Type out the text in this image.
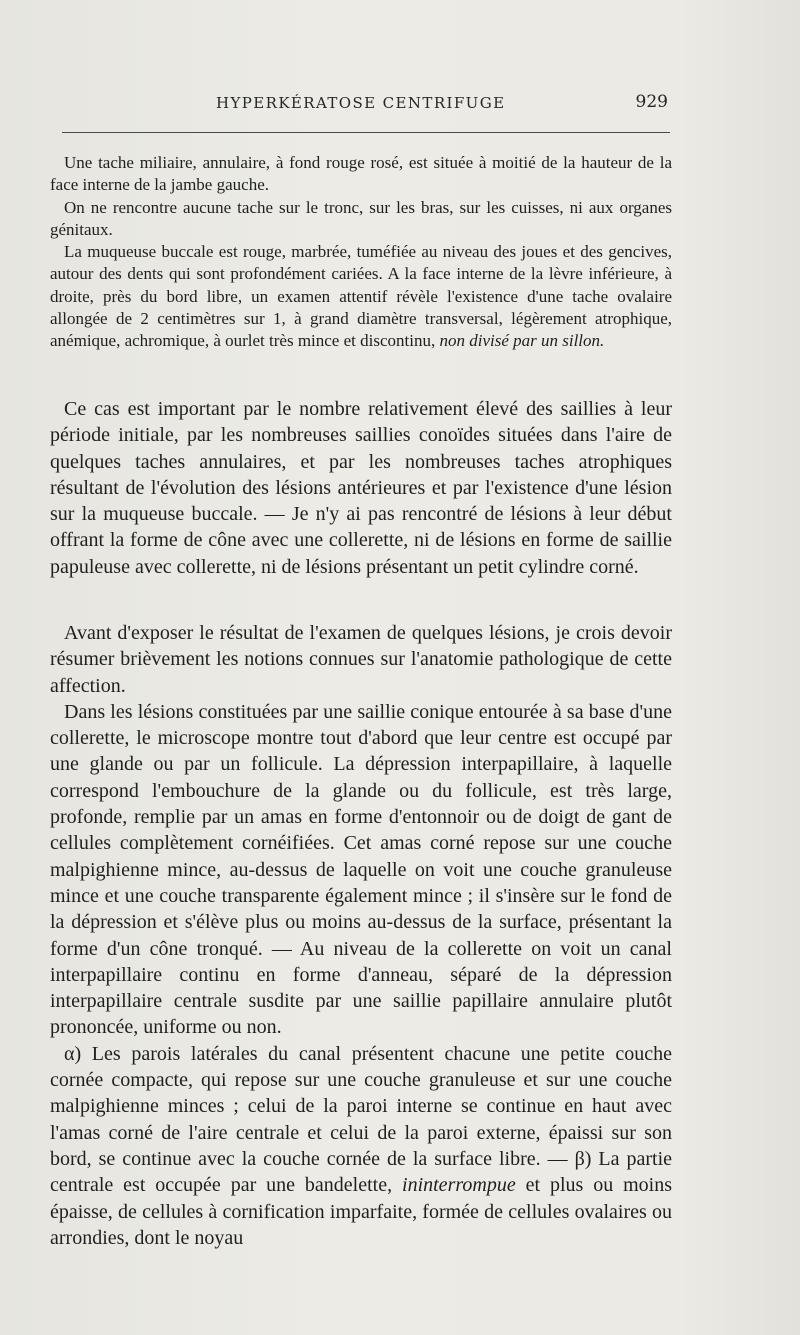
HYPERKÉRATOSE CENTRIFUGE	929

Une tache miliaire, annulaire, à fond rouge rosé, est située à moitié de la hauteur de la face interne de la jambe gauche.

On ne rencontre aucune tache sur le tronc, sur les bras, sur les cuisses, ni aux organes génitaux.

La muqueuse buccale est rouge, marbrée, tuméfiée au niveau des joues et des gencives, autour des dents qui sont profondément cariées. A la face interne de la lèvre inférieure, à droite, près du bord libre, un examen attentif révèle l'existence d'une tache ovalaire allongée de 2 centimètres sur 1, à grand diamètre transversal, légèrement atrophique, anémique, achromique, à ourlet très mince et discontinu, non divisé par un sillon.

Ce cas est important par le nombre relativement élevé des saillies à leur période initiale, par les nombreuses saillies conoïdes situées dans l'aire de quelques taches annulaires, et par les nombreuses taches atrophiques résultant de l'évolution des lésions antérieures et par l'existence d'une lésion sur la muqueuse buccale. — Je n'y ai pas rencontré de lésions à leur début offrant la forme de cône avec une collerette, ni de lésions en forme de saillie papuleuse avec collerette, ni de lésions présentant un petit cylindre corné.

Avant d'exposer le résultat de l'examen de quelques lésions, je crois devoir résumer brièvement les notions connues sur l'anatomie pathologique de cette affection.

Dans les lésions constituées par une saillie conique entourée à sa base d'une collerette, le microscope montre tout d'abord que leur centre est occupé par une glande ou par un follicule. La dépression interpapillaire, à laquelle correspond l'embouchure de la glande ou du follicule, est très large, profonde, remplie par un amas en forme d'entonnoir ou de doigt de gant de cellules complètement cornéifiées. Cet amas corné repose sur une couche malpighienne mince, au-dessus de laquelle on voit une couche granuleuse mince et une couche transparente également mince ; il s'insère sur le fond de la dépression et s'élève plus ou moins au-dessus de la surface, présentant la forme d'un cône tronqué. — Au niveau de la collerette on voit un canal interpapillaire continu en forme d'anneau, séparé de la dépression interpapillaire centrale susdite par une saillie papillaire annulaire plutôt prononcée, uniforme ou non.

α) Les parois latérales du canal présentent chacune une petite couche cornée compacte, qui repose sur une couche granuleuse et sur une couche malpighienne minces ; celui de la paroi interne se continue en haut avec l'amas corné de l'aire centrale et celui de la paroi externe, épaissi sur son bord, se continue avec la couche cornée de la surface libre. — β) La partie centrale est occupée par une bandelette, ininterrompue et plus ou moins épaisse, de cellules à cornification imparfaite, formée de cellules ovalaires ou arrondies, dont le noyau
